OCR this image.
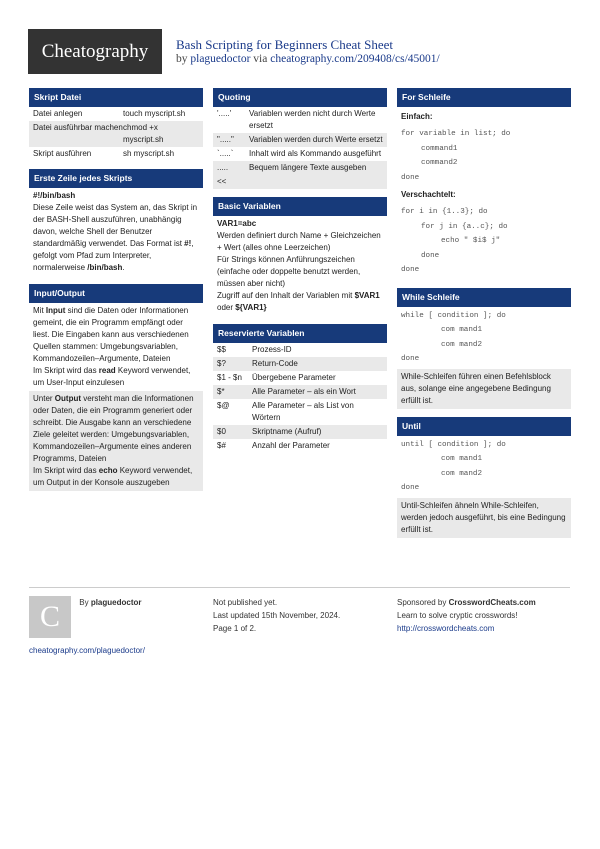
Cheatography	Bash Scripting for Beginners Cheat Sheet
by plaguedoctor via cheatography.com/209408/cs/45001/
Skript Datei
Datei anlegen	touch myscript.sh
Datei ausführbar machen chmod +x myscript.sh
Skript ausführen	sh myscript.sh
Erste Zeile jedes Skripts
#!/bin/bash
Diese Zeile weist das System an, das Skript in der BASH-Shell auszuführen, unabhängig davon, welche Shell der Benutzer standardmäßig verwendet. Das Format ist #!, gefolgt vom Pfad zum Interpreter, normalerweise /bin/bash.
Input/Output
Mit Input sind die Daten oder Informationen gemeint, die ein Programm empfängt oder liest. Die Eingaben kann aus verschiedenen Quellen stammen: Umgebungsvariablen, Kommandozeilen–Argumente, Dateien
Im Skript wird das read Keyword verwendet, um User-Input einzulesen
Unter Output versteht man die Informationen oder Daten, die ein Programm generiert oder schreibt. Die Ausgabe kann an verschiedene Ziele geleitet werden: Umgebungsvariablen, Kommandozeilen–Argumente eines anderen Programms, Dateien
Im Skript wird das echo Keyword verwendet, um Output in der Konsole auszugeben
Quoting
'.....'	Variablen werden nicht durch Werte ersetzt
"....."	Variablen werden durch Werte ersetzt
`.....`	Inhalt wird als Kommando ausgeführt
.....	Bequem längere Texte ausgeben
<<
Basic Variablen
VAR1=abc
Werden definiert durch Name + Gleichzeichen + Wert (alles ohne Leerzeichen)
Für Strings können Anführungszeichen (einfache oder doppelte benutzt werden, müssen aber nicht)
Zugriff auf den Inhalt der Variablen mit $VAR1 oder ${VAR1}
Reservierte Variablen
$$	Prozess-ID
$?	Return-Code
$1 - $n	Übergebene Parameter
$*	Alle Parameter – als ein Wort
$@	Alle Parameter – als List von Wörtern
$0	Skriptname (Aufruf)
$#	Anzahl der Parameter
For Schleife
Einfach:
for variable in list; do
command1
command2
done
Verschachtelt:
for i in {1..3}; do
for j in {a..c}; do
echo " $i$ j"
done
done
While Schleife
while [ condition ]; do
com mand1
com mand2
done
While-Schleifen führen einen Befehlsblock aus, solange eine angegebene Bedingung erfüllt ist.
Until
until [ condition ]; do
com mand1
com mand2
done
Until-Schleifen ähneln While-Schleifen, werden jedoch ausgeführt, bis eine Bedingung erfüllt ist.
C By plaguedoctor
cheatography.com/plaguedoctor/
Not published yet.
Last updated 15th November, 2024.
Page 1 of 2.
Sponsored by CrosswordCheats.com
Learn to solve cryptic crosswords!
http://crosswordcheats.com
